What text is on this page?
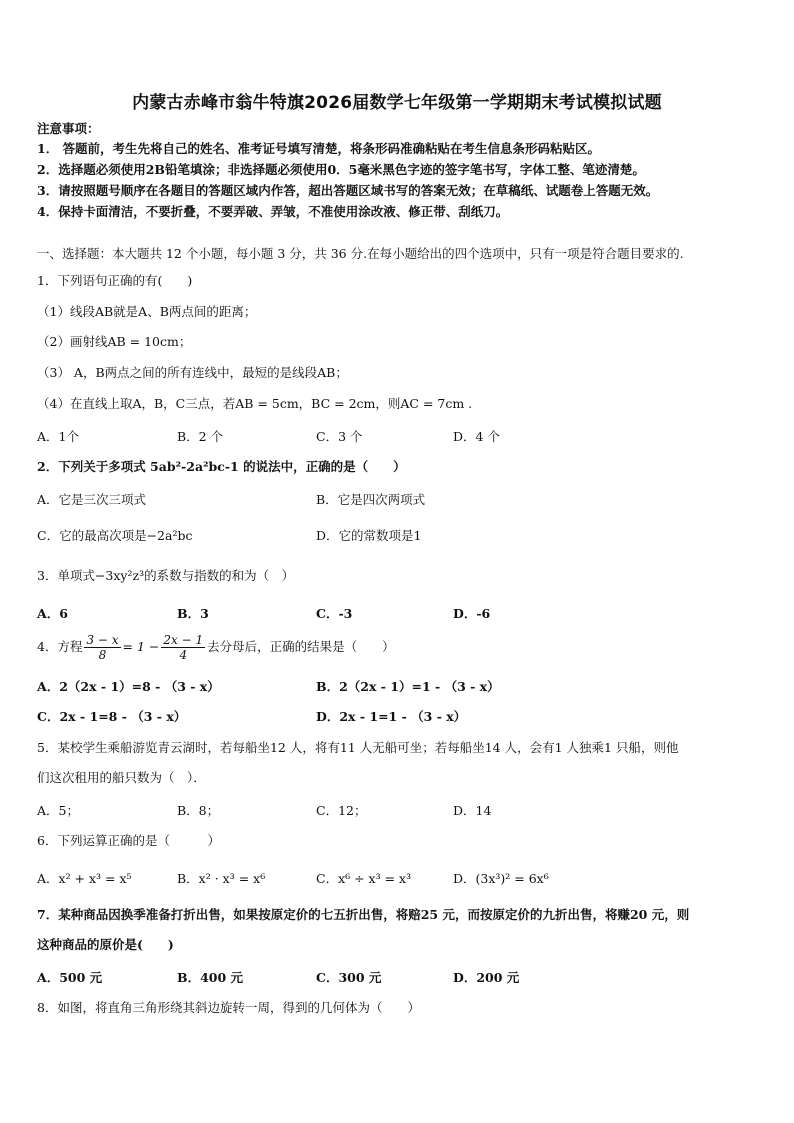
内蒙古赤峰市翁牛特旗2026届数学七年级第一学期期末考试模拟试题
注意事项：
1． 答题前，考生先将自己的姓名、准考证号填写清楚，将条形码准确粘贴在考生信息条形码粘贴区。
2．选择题必须使用2B铅笔填涂；非选择题必须使用0．5毫米黑色字迹的签字笔书写，字体工整、笔迹清楚。
3．请按照题号顺序在各题目的答题区域内作答，超出答题区域书写的答案无效；在草稿纸、试题卷上答题无效。
4．保持卡面清洁，不要折叠，不要弄破、弄皱，不准使用涂改液、修正带、刮纸刀。
一、选择题：本大题共 12 个小题，每小题 3 分，共 36 分.在每小题给出的四个选项中，只有一项是符合题目要求的.
1．下列语句正确的有(　　)
（1）线段AB就是A、B两点间的距离；
（2）画射线AB = 10cm；
（3） A，B两点之间的所有连线中，最短的是线段AB；
（4）在直线上取A，B，C三点，若AB = 5cm，BC = 2cm，则AC = 7cm .
A．1个	B．2 个	C．3 个	D．4 个
2．下列关于多项式 5ab²-2a²bc-1 的说法中，正确的是（　　）
A．它是三次三项式	B．它是四次两项式
C．它的最高次项是−2a²bc	D．它的常数项是1
3．单项式−3xy²z³的系数与指数的和为（　）
A．6	B．3	C．-3	D．-6
4．方程 $\frac{3 - x}{8} = 1 - \frac{2x - 1}{4}$ 去分母后，正确的结果是（　　）
A．2（2x - 1）=8 - （3 - x）	B．2（2x - 1）=1 - （3 - x）
C．2x - 1=8 - （3 - x）	D．2x - 1=1 - （3 - x）
5．某校学生乘船游览青云湖时，若每船坐12 人，将有11 人无船可坐；若每船坐14 人，会有1 人独乘1 只船，则他
们这次租用的船只数为（　）．
A．5；	B．8；	C．12；	D．14
6．下列运算正确的是（　　　）
A．x² + x³ = x⁵	B．x² · x³ = x⁶	C．x⁶ ÷ x³ = x³	D．(3x³)² = 6x⁶
7．某种商品因换季准备打折出售，如果按原定价的七五折出售，将赔25 元，而按原定价的九折出售，将赚20 元，则
这种商品的原价是(　　)
A．500 元	B．400 元	C．300 元	D．200 元
8．如图，将直角三角形绕其斜边旋转一周，得到的几何体为（　　）
